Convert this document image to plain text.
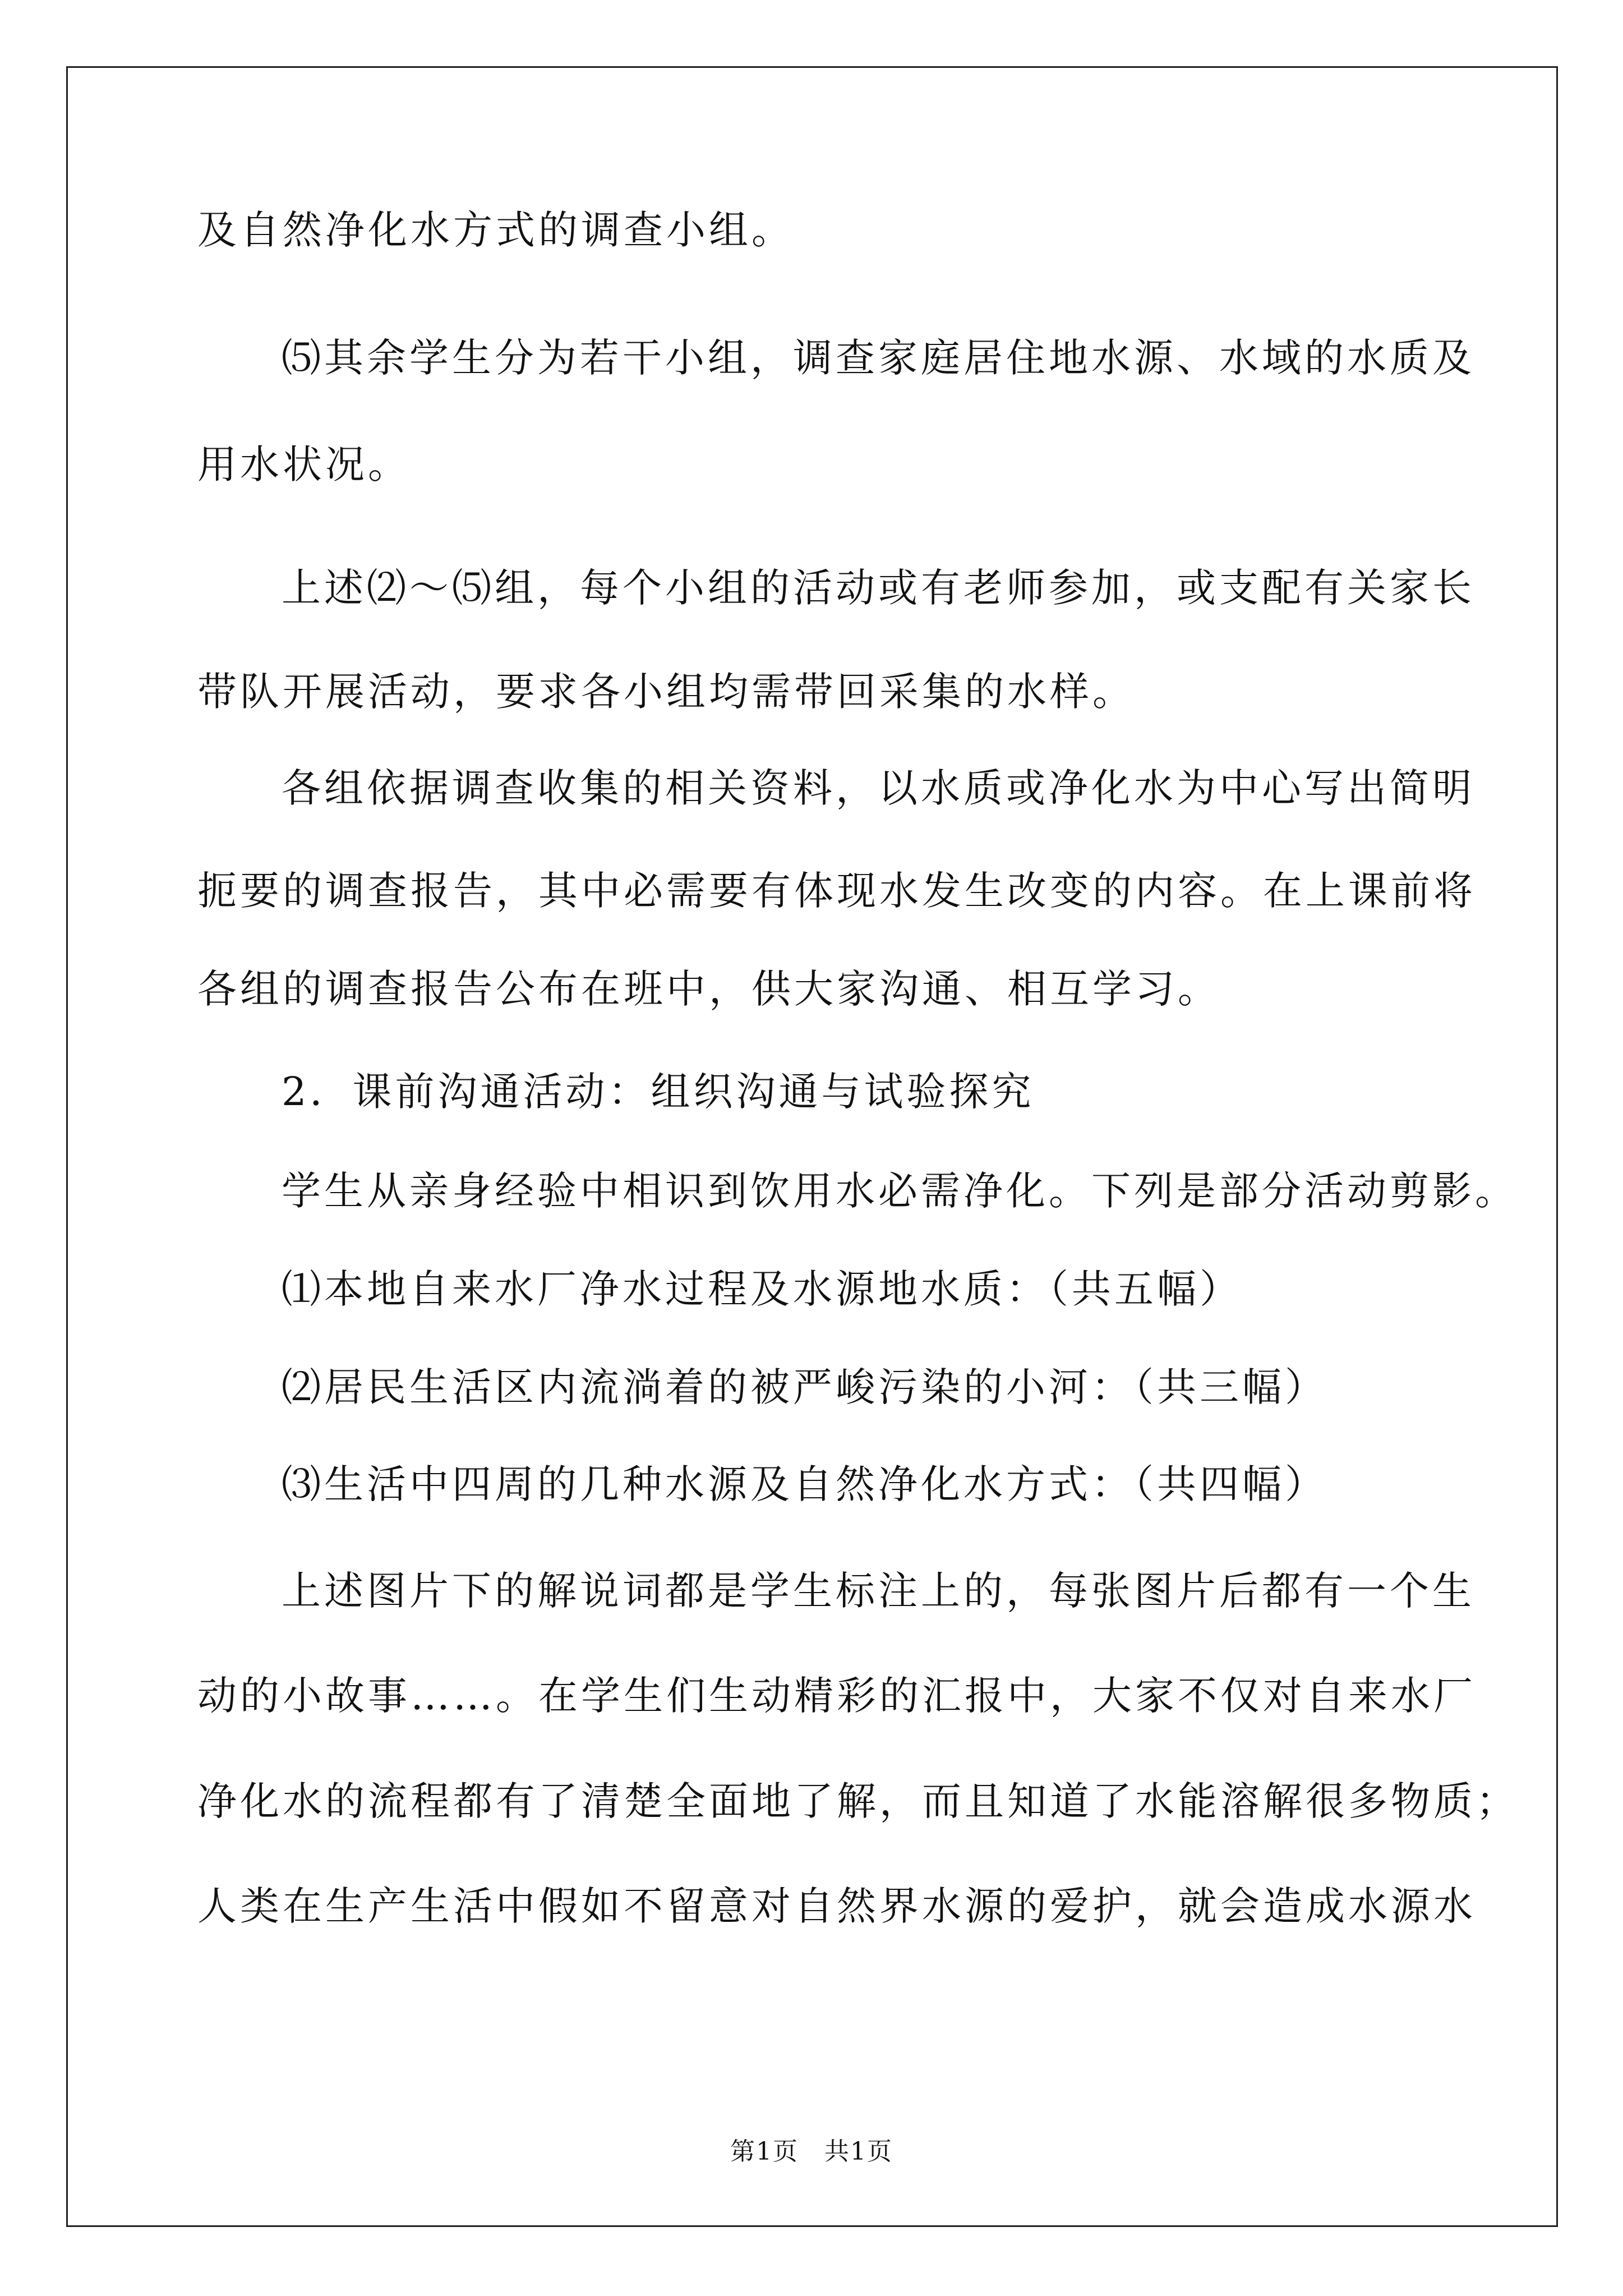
及自然净化水方式的调查小组。
⑸其余学生分为若干小组，调查家庭居住地水源、水域的水质及
用水状况。
上述⑵～⑸组，每个小组的活动或有老师参加，或支配有关家长
带队开展活动，要求各小组均需带回采集的水样。
各组依据调查收集的相关资料，以水质或净化水为中心写出简明
扼要的调查报告，其中必需要有体现水发生改变的内容。在上课前将
各组的调查报告公布在班中，供大家沟通、相互学习。
2．课前沟通活动：组织沟通与试验探究
学生从亲身经验中相识到饮用水必需净化。下列是部分活动剪影。
⑴本地自来水厂净水过程及水源地水质：（共五幅）
⑵居民生活区内流淌着的被严峻污染的小河：（共三幅）
⑶生活中四周的几种水源及自然净化水方式：（共四幅）
上述图片下的解说词都是学生标注上的，每张图片后都有一个生
动的小故事……。在学生们生动精彩的汇报中，大家不仅对自来水厂
净化水的流程都有了清楚全面地了解，而且知道了水能溶解很多物质；
人类在生产生活中假如不留意对自然界水源的爱护，就会造成水源水
第1页　共1页
